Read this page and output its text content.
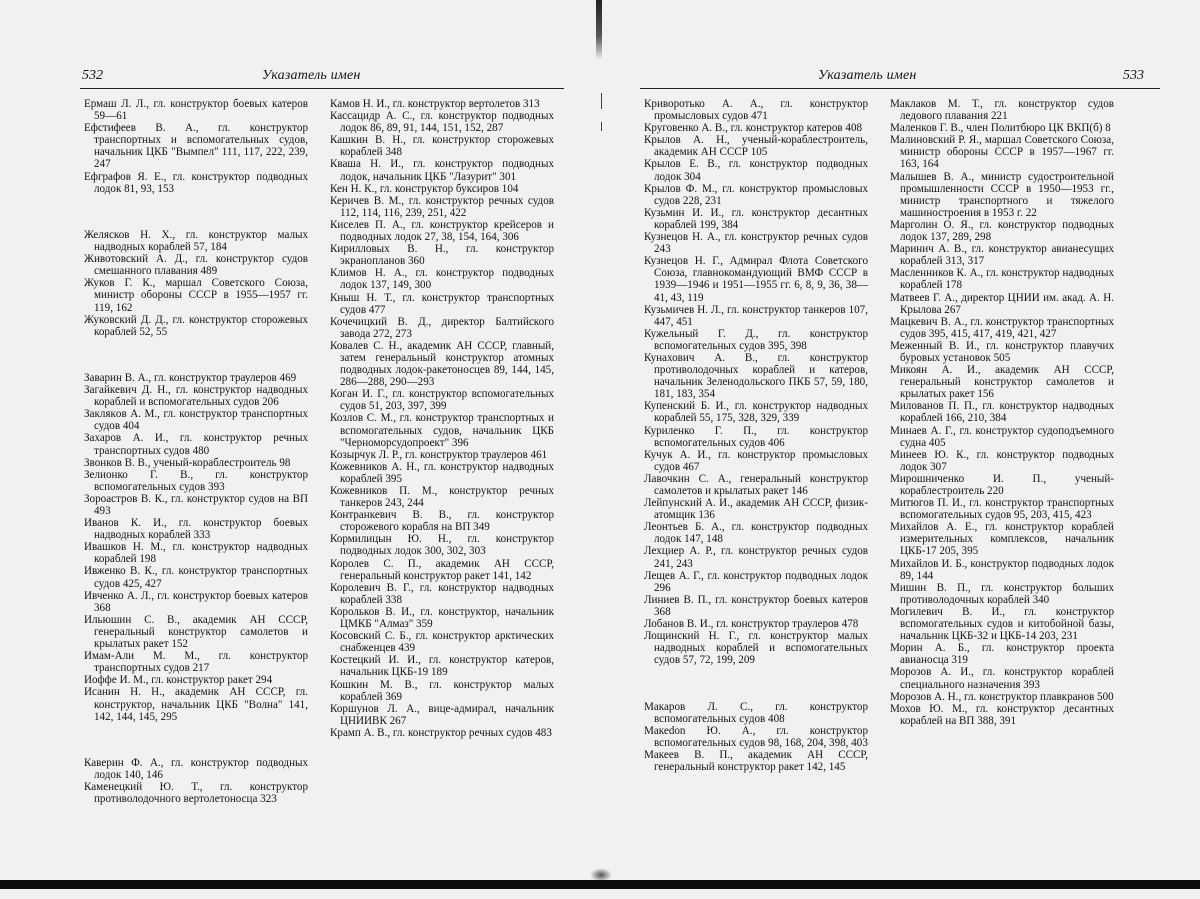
532	Указатель имен

Ермаш Л. Л., гл. конструктор боевых катеров 59—61

Ефстифеев В. А., гл. конструктор транспортных и вспомогательных судов, начальник ЦКБ "Вымпел" 111, 117, 222, 239, 247

Ефграфов Я. Е., гл. конструктор подводных лодок 81, 93, 153

Желясков Н. Х., гл. конструктор малых надводных кораблей 57, 184

Животовский А. Д., гл. конструктор судов смешанного плавания 489

Жуков Г. К., маршал Советского Союза, министр обороны СССР в 1955—1957 гг. 119, 162

Жуковский Д. Д., гл. конструктор сторожевых кораблей 52, 55

Заварин В. А., гл. конструктор траулеров 469

Загайкевич Д. Н., гл. конструктор надводных кораблей и вспомогательных судов 206

Заклякoв А. М., гл. конструктор транспортных судов 404

Захаров А. И., гл. конструктор речных транспортных судов 480

Звонков В. В., ученый-кораблестроитель 98

Зелионко Г. В., гл. конструктор вспомогательных судов 393

Зороастров В. К., гл. конструктор судов на ВП 493

Иванов К. И., гл. конструктор боевых надводных кораблей 333

Ивашков Н. М., гл. конструктор надводных кораблей 198

Ивженко В. К., гл. конструктор транспортных судов 425, 427

Ивченко А. Л., гл. конструктор боевых катеров 368

Ильюшин С. В., академик АН СССР, генеральный конструктор самолетов и крылатых ракет 152

Имам-Али М. М., гл. конструктор транспортных судов 217

Иоффе И. М., гл. конструктор ракет 294

Исанин Н. Н., академик АН СССР, гл. конструктор, начальник ЦКБ "Волна" 141, 142, 144, 145, 295

Каверин Ф. А., гл. конструктор подводных лодок 140, 146

Каменецкий Ю. Т., гл. конструктор противолодочного вертолетоносца 323

Камов Н. И., гл. конструктор вертолетов 313

Кассацидр А. С., гл. конструктор подводных лодок 86, 89, 91, 144, 151, 152, 287

Кашкин В. Н., гл. конструктор сторожевых кораблей 348

Кваша Н. И., гл. конструктор подводных лодок, начальник ЦКБ "Лазурит" 301

Кен Н. К., гл. конструктор буксиров 104

Керичев В. М., гл. конструктор речных судов 112, 114, 116, 239, 251, 422

Киселев П. А., гл. конструктор крейсеров и подводных лодок 27, 38, 154, 164, 306

Кирилловых В. Н., гл. конструктор экранопланов 360

Климов Н. А., гл. конструктор подводных лодок 137, 149, 300

Кныш Н. Т., гл. конструктор транспортных судов 477

Кочечицкий В. Д., директор Балтийского завода 272, 273

Ковалев С. Н., академик АН СССР, главный, затем генеральный конструктор атомных подводных лодок-ракетоносцев 89, 144, 145, 286—288, 290—293

Коган И. Г., гл. конструктор вспомогательных судов 51, 203, 397, 399

Козлов С. М., гл. конструктор транспортных и вспомогательных судов, начальник ЦКБ "Черноморсудопроект" 396

Козырчук Л. Р., гл. конструктор траулеров 461

Кожевников А. Н., гл. конструктор надводных кораблей 395

Кожевников П. М., конструктор речных танкеров 243, 244

Контранкевич В. В., гл. конструктор сторожевого корабля на ВП 349

Кормилицын Ю. Н., гл. конструктор подводных лодок 300, 302, 303

Королев С. П., академик АН СССР, генеральный конструктор ракет 141, 142

Королевич В. Г., гл. конструктор надводных кораблей 338

Корольков В. И., гл. конструктор, начальник ЦМКБ "Алмаз" 359

Косовский С. Б., гл. конструктор арктических снабженцев 439

Костецкий И. И., гл. конструктор катеров, начальник ЦКБ-19 189

Кошкин М. В., гл. конструктор малых кораблей 369

Коршунов Л. А., вице-адмирал, начальник ЦНИИВК 267

Крамп А. В., гл. конструктор речных судов 483

533
Указатель имен

Криворотько А. А., гл. конструктор промысловых судов 471

Круговенко А. В., гл. конструктор катеров 408

Крылов А. Н., ученый-кораблестроитель, академик АН СССР 105

Крылов Е. В., гл. конструктор подводных лодок 304

Крылов Ф. М., гл. конструктор промысловых судов 228, 231

Кузьмин И. И., гл. конструктор десантных кораблей 199, 384

Кузнецов Н. А., гл. конструктор речных судов 243

Кузнецов Н. Г., Адмирал Флота Советского Союза, главнокомандующий ВМФ СССР в 1939—1946 и 1951—1955 гг. 6, 8, 9, 36, 38—41, 43, 119

Кузьмичев Н. Л., гл. конструктор танкеров 107, 447, 451

Кужельный Г. Д., гл. конструктор вспомогательных судов 395, 398

Кунахович А. В., гл. конструктор противолодочных кораблей и катеров, начальник Зеленодольского ПКБ 57, 59, 180, 181, 183, 354

Купенский Б. И., гл. конструктор надводных кораблей 55, 175, 328, 329, 339

Куриленко Г. П., гл. конструктор вспомогательных судов 406

Кучук А. И., гл. конструктор промысловых судов 467

Лавочкин С. А., генеральный конструктор самолетов и крылатых ракет 146

Лейпунский А. И., академик АН СССР, физик-атомщик 136

Леонтьев Б. А., гл. конструктор подводных лодок 147, 148

Лехциер А. Р., гл. конструктор речных судов 241, 243

Лещев А. Г., гл. конструктор подводных лодок 296

Линиев В. П., гл. конструктор боевых катеров 368

Лобанов В. И., гл. конструктор траулеров 478

Лощинский Н. Г., гл. конструктор малых надводных кораблей и вспомогательных судов 57, 72, 199, 209

Макаров Л. С., гл. конструктор вспомогательных судов 408

Макеdon Ю. А., гл. конструктор вспомогательных судов 98, 168, 204, 398, 403

Макеев В. П., академик АН СССР, генеральный конструктор ракет 142, 145

Маклаков М. Т., гл. конструктор судов ледового плавания 221

Маленков Г. В., член Политбюро ЦК ВКП(б) 8

Малиновский Р. Я., маршал Советского Союза, министр обороны СССР в 1957—1967 гг. 163, 164

Малышев В. А., министр судостроительной промышленности СССР в 1950—1953 гг., министр транспортного и тяжелого машиностроения в 1953 г. 22

Марголин О. Я., гл. конструктор подводных лодок 137, 289, 298

Маринич А. В., гл. конструктор авианесущих кораблей 313, 317

Масленников К. А., гл. конструктор надводных кораблей 178

Матвеев Г. А., директор ЦНИИ им. акад. А. Н. Крылова 267

Мацкевич В. А., гл. конструктор транспортных судов 395, 415, 417, 419, 421, 427

Меженный В. И., гл. конструктор плавучих буровых установок 505

Микоян А. И., академик АН СССР, генеральный конструктор самолетов и крылатых ракет 156

Милованов П. П., гл. конструктор надводных кораблей 166, 210, 384

Минаев А. Г., гл. конструктор судоподъемного судна 405

Минеев Ю. К., гл. конструктор подводных лодок 307

Мирошниченко И. П., ученый-кораблестроитель 220

Митюгов П. И., гл. конструктор транспортных вспомогательных судов 95, 203, 415, 423

Михайлов А. Е., гл. конструктор кораблей измерительных комплексов, начальник ЦКБ-17 205, 395

Михайлов И. Б., конструктор подводных лодок 89, 144

Мишин В. П., гл. конструктор больших противолодочных кораблей 340

Могилевич В. И., гл. конструктор вспомогательных судов и китобойной базы, начальник ЦКБ-32 и ЦКБ-14 203, 231

Морин А. Б., гл. конструктор проекта авианосца 319

Морозов А. И., гл. конструктор кораблей специального назначения 393

Морозов А. Н., гл. конструктор плавкранов 500

Мохов Ю. М., гл. конструктор десантных кораблей на ВП 388, 391
